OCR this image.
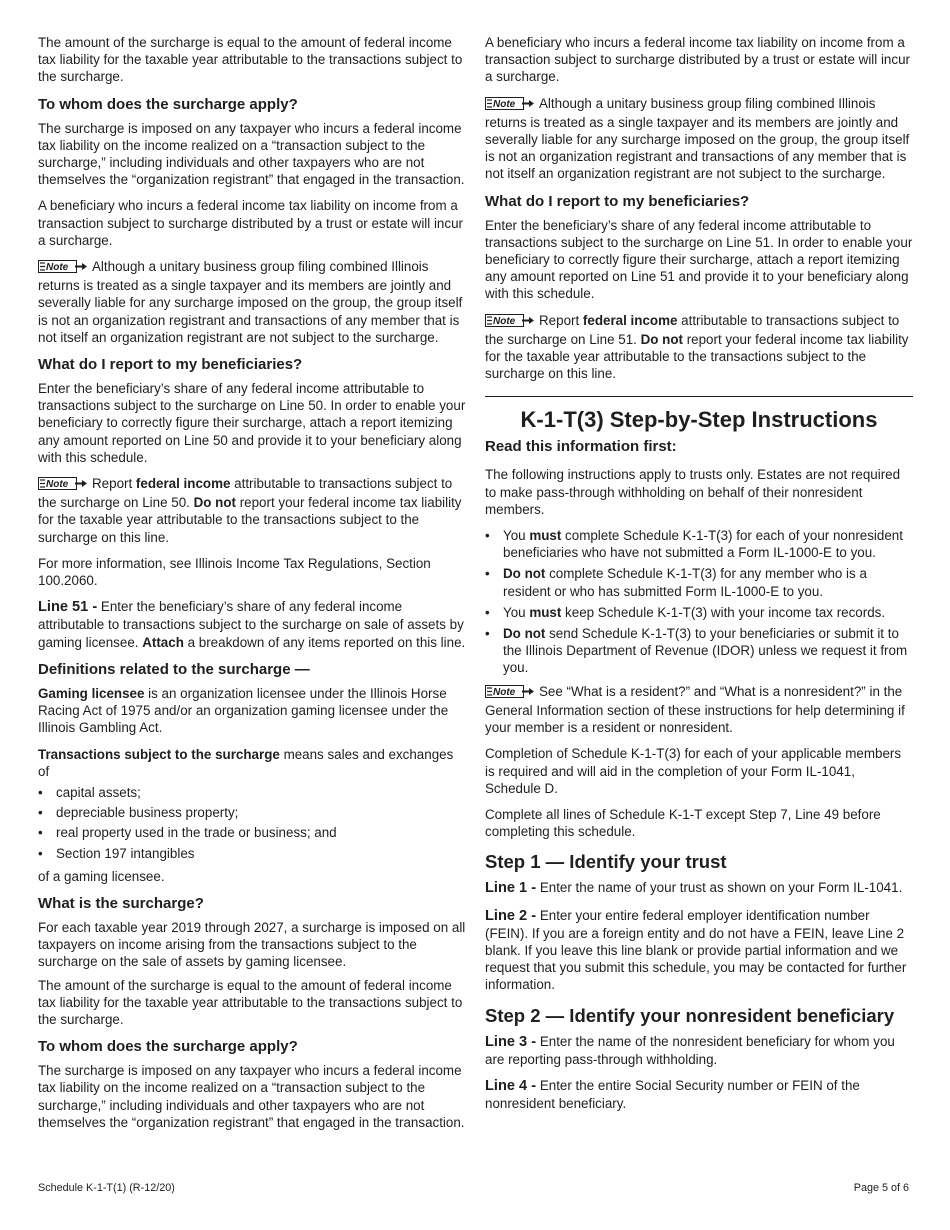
The amount of the surcharge is equal to the amount of federal income tax liability for the taxable year attributable to the transactions subject to the surcharge.

To whom does the surcharge apply?

The surcharge is imposed on any taxpayer who incurs a federal income tax liability on the income realized on a “transaction subject to the surcharge,” including individuals and other taxpayers who are not themselves the “organization registrant” that engaged in the transaction.

A beneficiary who incurs a federal income tax liability on income from a transaction subject to surcharge distributed by a trust or estate will incur a surcharge.

Note Although a unitary business group filing combined Illinois returns is treated as a single taxpayer and its members are jointly and severally liable for any surcharge imposed on the group, the group itself is not an organization registrant and transactions of any member that is not itself an organization registrant are not subject to the surcharge.

What do I report to my beneficiaries?

Enter the beneficiary’s share of any federal income attributable to transactions subject to the surcharge on Line 50. In order to enable your beneficiary to correctly figure their surcharge, attach a report itemizing any amount reported on Line 50 and provide it to your beneficiary along with this schedule.

Note Report federal income attributable to transactions subject to the surcharge on Line 50. Do not report your federal income tax liability for the taxable year attributable to the transactions subject to the surcharge on this line.

For more information, see Illinois Income Tax Regulations, Section 100.2060.

Line 51 - Enter the beneficiary’s share of any federal income attributable to transactions subject to the surcharge on sale of assets by gaming licensee. Attach a breakdown of any items reported on this line.

Definitions related to the surcharge —

Gaming licensee is an organization licensee under the Illinois Horse Racing Act of 1975 and/or an organization gaming licensee under the Illinois Gambling Act.

Transactions subject to the surcharge means sales and exchanges of

• capital assets;
• depreciable business property;
• real property used in the trade or business; and
• Section 197 intangibles

of a gaming licensee.

What is the surcharge?

For each taxable year 2019 through 2027, a surcharge is imposed on all taxpayers on income arising from the transactions subject to the surcharge on the sale of assets by gaming licensee.

The amount of the surcharge is equal to the amount of federal income tax liability for the taxable year attributable to the transactions subject to the surcharge.

To whom does the surcharge apply?

The surcharge is imposed on any taxpayer who incurs a federal income tax liability on the income realized on a “transaction subject to the surcharge,” including individuals and other taxpayers who are not themselves the “organization registrant” that engaged in the transaction.

A beneficiary who incurs a federal income tax liability on income from a transaction subject to surcharge distributed by a trust or estate will incur a surcharge.

Note Although a unitary business group filing combined Illinois returns is treated as a single taxpayer and its members are jointly and severally liable for any surcharge imposed on the group, the group itself is not an organization registrant and transactions of any member that is not itself an organization registrant are not subject to the surcharge.

What do I report to my beneficiaries?

Enter the beneficiary’s share of any federal income attributable to transactions subject to the surcharge on Line 51. In order to enable your beneficiary to correctly figure their surcharge, attach a report itemizing any amount reported on Line 51 and provide it to your beneficiary along with this schedule.

Note Report federal income attributable to transactions subject to the surcharge on Line 51. Do not report your federal income tax liability for the taxable year attributable to the transactions subject to the surcharge on this line.

K-1-T(3) Step-by-Step Instructions
Read this information first:

The following instructions apply to trusts only. Estates are not required to make pass-through withholding on behalf of their nonresident members.

• You must complete Schedule K-1-T(3) for each of your nonresident beneficiaries who have not submitted a Form IL-1000-E to you.
• Do not complete Schedule K-1-T(3) for any member who is a resident or who has submitted Form IL-1000-E to you.
• You must keep Schedule K-1-T(3) with your income tax records.
• Do not send Schedule K-1-T(3) to your beneficiaries or submit it to the Illinois Department of Revenue (IDOR) unless we request it from you.

Note See “What is a resident?” and “What is a nonresident?” in the General Information section of these instructions for help determining if your member is a resident or nonresident.

Completion of Schedule K-1-T(3) for each of your applicable members is required and will aid in the completion of your Form IL-1041, Schedule D.

Complete all lines of Schedule K-1-T except Step 7, Line 49 before completing this schedule.

Step 1 — Identify your trust

Line 1 - Enter the name of your trust as shown on your Form IL-1041.

Line 2 - Enter your entire federal employer identification number (FEIN). If you are a foreign entity and do not have a FEIN, leave Line 2 blank. If you leave this line blank or provide partial information and we request that you submit this schedule, you may be contacted for further information.

Step 2 — Identify your nonresident beneficiary

Line 3 - Enter the name of the nonresident beneficiary for whom you are reporting pass-through withholding.

Line 4 - Enter the entire Social Security number or FEIN of the nonresident beneficiary.

Schedule K-1-T(1) (R-12/20)	Page 5 of 6
